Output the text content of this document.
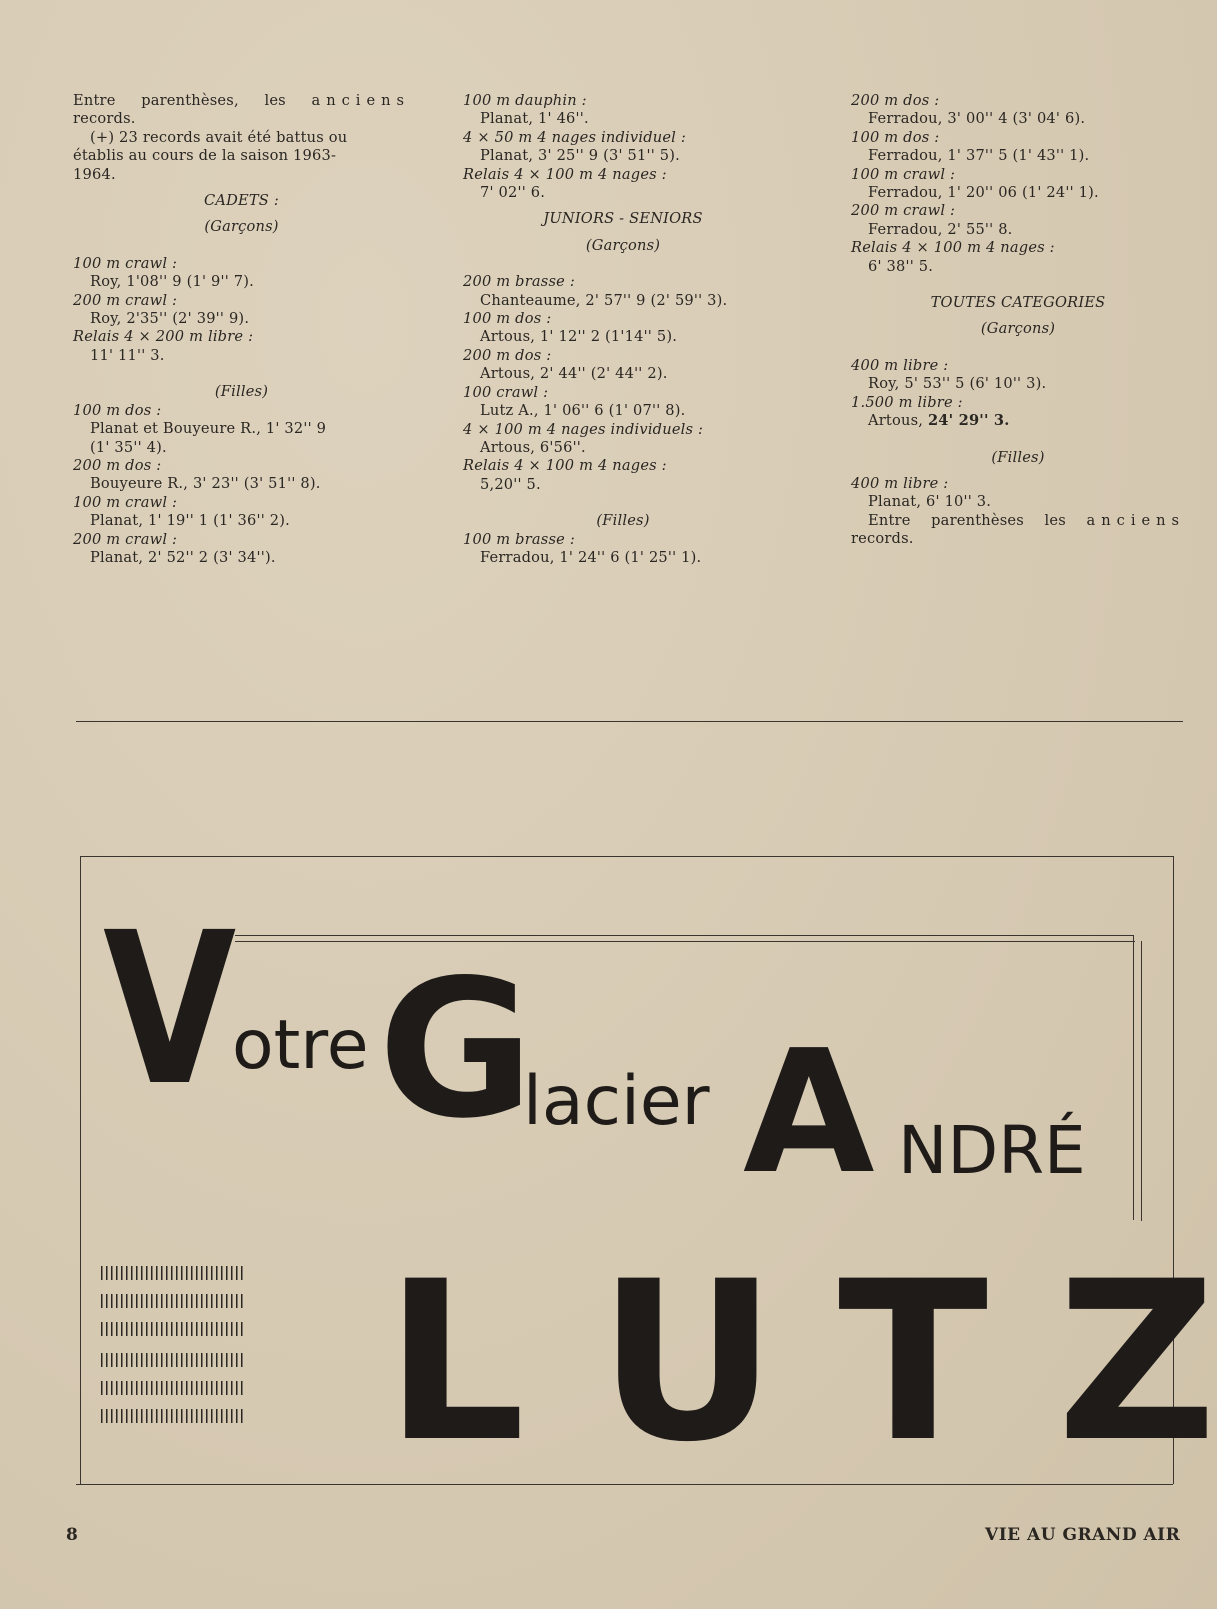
Entre parenthèses, les anciens

records.

(+) 23 records avait été battus ou

établis au cours de la saison 1963-

1964.

CADETS :

(Garçons)

100 m crawl :

Roy, 1'08'' 9 (1' 9'' 7).

200 m crawl :

Roy, 2'35'' (2' 39'' 9).

Relais 4 × 200 m libre :

11' 11'' 3.

(Filles)

100 m dos :

Planat et Bouyeure R., 1' 32'' 9

(1' 35'' 4).

200 m dos :

Bouyeure R., 3' 23'' (3' 51'' 8).

100 m crawl :

Planat, 1' 19'' 1 (1' 36'' 2).

200 m crawl :

Planat, 2' 52'' 2 (3' 34'').

100 m dauphin :

Planat, 1' 46''.

4 × 50 m 4 nages individuel :

Planat, 3' 25'' 9 (3' 51'' 5).

Relais 4 × 100 m 4 nages :

7' 02'' 6.

JUNIORS - SENIORS

(Garçons)

200 m brasse :

Chanteaume, 2' 57'' 9 (2' 59'' 3).

100 m dos :

Artous, 1' 12'' 2 (1'14'' 5).

200 m dos :

Artous, 2' 44'' (2' 44'' 2).

100 crawl :

Lutz A., 1' 06'' 6 (1' 07'' 8).

4 × 100 m 4 nages individuels :

Artous, 6'56''.

Relais 4 × 100 m 4 nages :

5,20'' 5.

(Filles)

100 m brasse :

Ferradou, 1' 24'' 6 (1' 25'' 1).

200 m dos :

Ferradou, 3' 00'' 4 (3' 04' 6).

100 m dos :

Ferradou, 1' 37'' 5 (1' 43'' 1).

100 m crawl :

Ferradou, 1' 20'' 06 (1' 24'' 1).

200 m crawl :

Ferradou, 2' 55'' 8.

Relais 4 × 100 m 4 nages :

6' 38'' 5.

TOUTES CATEGORIES

(Garçons)

400 m libre :

Roy, 5' 53'' 5 (6' 10'' 3).

1.500 m libre :

Artous, 24' 29'' 3.

(Filles)

400 m libre :

Planat, 6' 10'' 3.

Entre parenthèses les anciens

records.

V
otre G
lacier A NDRÉ
L U T Z
8	VIE AU GRAND AIR
